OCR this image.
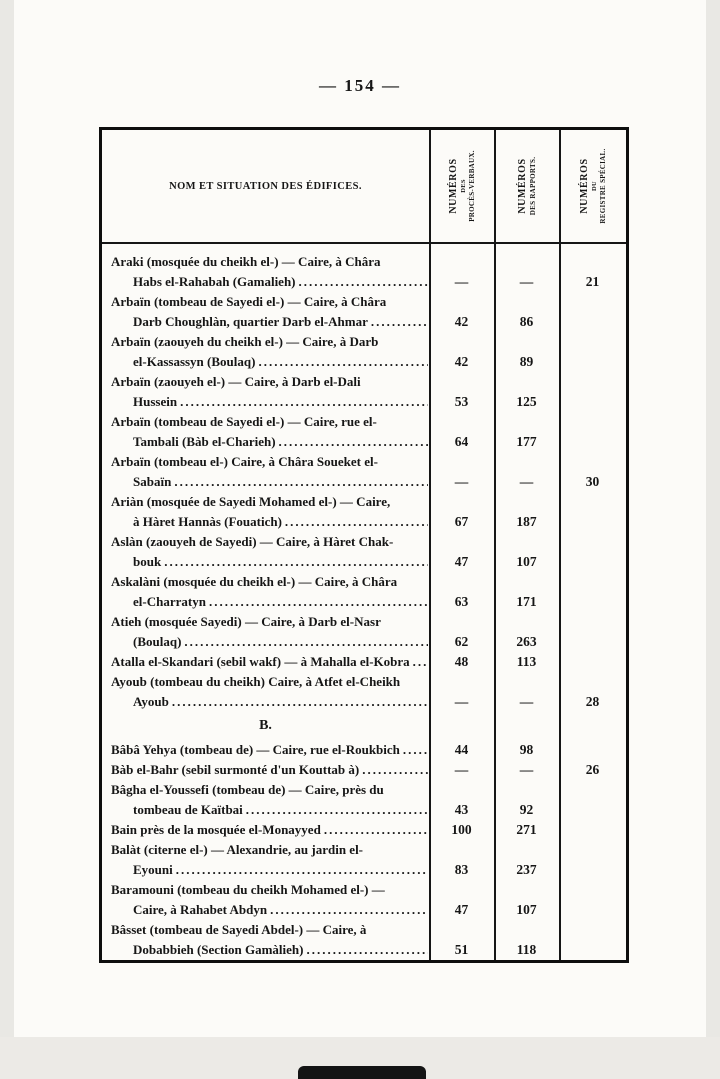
— 154 —
NOM ET SITUATION DES ÉDIFICES.	NUMÉROS DES PROCÈS-VERBAUX.	NUMÉROS DES RAPPORTS.	NUMÉROS DU REGISTRE SPÉCIAL.
Araki (mosquée du cheikh el-) — Caire, à Châra
Habs el-Rahabah (Gamalieh) .....	—	—	21
Arbaïn (tombeau de Sayedi el-) — Caire, à Châra
Darb Choughlàn, quartier Darb el-Ahmar .....	42	86
Arbaïn (zaouyeh du cheikh el-) — Caire, à Darb
el-Kassassyn (Boulaq) .....	42	89
Arbaïn (zaouyeh el-) — Caire, à Darb el-Dali
Hussein .....	53	125
Arbaïn (tombeau de Sayedi el-) — Caire, rue el-
Tambali (Bàb el-Charieh) .....	64	177
Arbaïn (tombeau el-) Caire, à Châra Soueket el-
Sabaïn .....	—	—	30
Ariàn (mosquée de Sayedi Mohamed el-) — Caire,
à Hàret Hannàs (Fouatich) .....	67	187
Aslàn (zaouyeh de Sayedi) — Caire, à Hàret Chak-
bouk .....	47	107
Askalàni (mosquée du cheikh el-) — Caire, à Châra
el-Charratyn .....	63	171
Atieh (mosquée Sayedi) — Caire, à Darb el-Nasr
(Boulaq) .....	62	263
Atalla el-Skandari (sebil wakf) — à Mahalla el-Kobra .....	48	113
Ayoub (tombeau du cheikh) Caire, à Atfet el-Cheikh
Ayoub .....	—	—	28
B.
Bâbâ Yehya (tombeau de) — Caire, rue el-Roukbich .....	44	98
Bàb el-Bahr (sebil surmonté d'un Kouttab à) .....	—	—	26
Bâgha el-Youssefi (tombeau de) — Caire, près du
tombeau de Kaïtbai .....	43	92
Bain près de la mosquée el-Monayyed .....	100	271
Balàt (citerne el-) — Alexandrie, au jardin el-
Eyouni .....	83	237
Baramouni (tombeau du cheikh Mohamed el-) —
Caire, à Rahabet Abdyn .....	47	107
Bâsset (tombeau de Sayedi Abdel-) — Caire, à
Dobabbieh (Section Gamàlieh) .....	51	118
